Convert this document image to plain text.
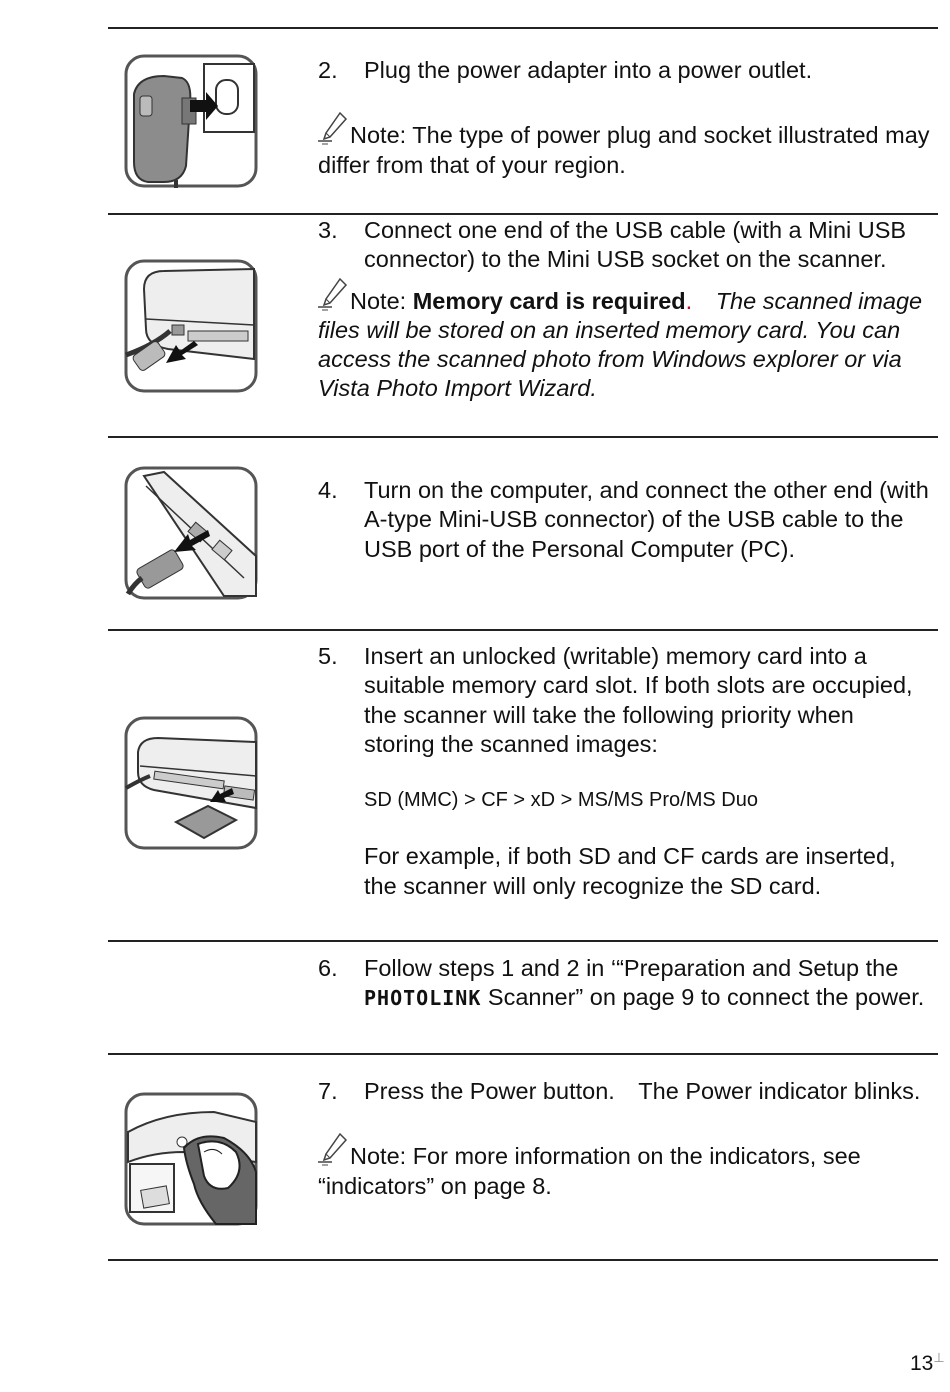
2. Plug the power adapter into a power outlet.
Note: The type of power plug and socket illustrated may differ from that of your region.
3. Connect one end of the USB cable (with a Mini USB connector) to the Mini USB socket on the scanner.
Note: Memory card is required.  The scanned image files will be stored on an inserted memory card. You can access the scanned photo from Windows explorer or via Vista Photo Import Wizard.
4. Turn on the computer, and connect the other end (with A-type Mini-USB connector) of the USB cable to the USB port of the Personal Computer (PC).
5. Insert an unlocked (writable) memory card into a suitable memory card slot. If both slots are occupied, the scanner will take the following priority when storing the scanned images:
SD (MMC) > CF > xD > MS/MS Pro/MS Duo
For example, if both SD and CF cards are inserted, the scanner will only recognize the SD card.
6. Follow steps 1 and 2 in ‘“Preparation and Setup the PHOTOLINK Scanner” on page 9 to connect the power.
7. Press the Power button.　The Power indicator blinks.
Note: For more information on the indicators, see “indicators” on page 8.
13⊥
